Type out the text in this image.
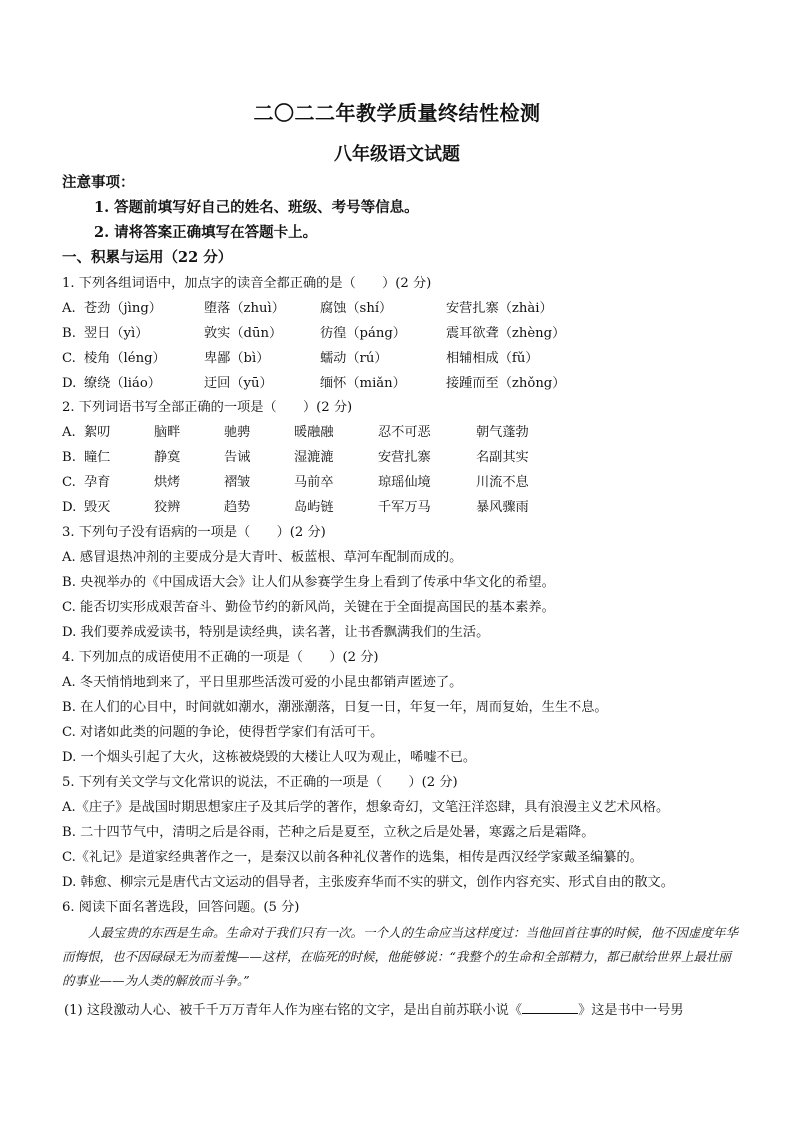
二〇二二年教学质量终结性检测
八年级语文试题
注意事项：
1. 答题前填写好自己的姓名、班级、考号等信息。
2. 请将答案正确填写在答题卡上。
一、积累与运用（22 分）
1. 下列各组词语中，加点字的读音全都正确的是（　　）(2 分)
A. 苍劲（jìng）	堕落（zhuì）	腐蚀（shí）	安营扎寨（zhài）
B. 翌日（yì）	敦实（dūn）	彷徨（páng）	震耳欲聋（zhèng）
C. 棱角（léng）	卑鄙（bì）	蠕动（rú）	相辅相成（fǔ）
D. 缭绕（liáo）	迂回（yū）	缅怀（miǎn）	接踵而至（zhǒng）
2. 下列词语书写全部正确的一项是（　　）(2 分)
A. 絮叨	脑畔	驰骋	暖融融	忍不可恶	朝气蓬勃
B. 瞳仁	静寞	告诫	湿漉漉	安营扎寨	名副其实
C. 孕育	烘烤	褶皱	马前卒	琼瑶仙境	川流不息
D. 毁灭	狡辨	趋势	岛屿链	千军万马	暴风骤雨
3. 下列句子没有语病的一项是（　　）(2 分)
A. 感冒退热冲剂的主要成分是大青叶、板蓝根、草河车配制而成的。
B. 央视举办的《中国成语大会》让人们从参赛学生身上看到了传承中华文化的希望。
C. 能否切实形成艰苦奋斗、勤俭节约的新风尚，关键在于全面提高国民的基本素养。
D. 我们要养成爱读书，特别是读经典，读名著，让书香飘满我们的生活。
4. 下列加点的成语使用不正确的一项是（　　）(2 分)
A. 冬天悄悄地到来了，平日里那些活泼可爱的小昆虫都销声匿迹了。
B. 在人们的心目中，时间就如潮水，潮涨潮落，日复一日，年复一年，周而复始，生生不息。
C. 对诸如此类的问题的争论，使得哲学家们有活可干。
D. 一个烟头引起了大火，这栋被烧毁的大楼让人叹为观止，唏嘘不已。
5. 下列有关文学与文化常识的说法，不正确的一项是（　　）(2 分)
A.《庄子》是战国时期思想家庄子及其后学的著作，想象奇幻，文笔汪洋恣肆，具有浪漫主义艺术风格。
B. 二十四节气中，清明之后是谷雨，芒种之后是夏至，立秋之后是处暑，寒露之后是霜降。
C.《礼记》是道家经典著作之一，是秦汉以前各种礼仪著作的选集，相传是西汉经学家戴圣编纂的。
D. 韩愈、柳宗元是唐代古文运动的倡导者，主张废弃华而不实的骈文，创作内容充实、形式自由的散文。
6. 阅读下面名著选段，回答问题。(5 分)
人最宝贵的东西是生命。生命对于我们只有一次。一个人的生命应当这样度过：当他回首往事的时候，他不因虚度年华而悔恨，也不因碌碌无为而羞愧——这样，在临死的时候，他能够说：“我整个的生命和全部精力，都已献给世界上最壮丽的事业——为人类的解放而斗争。”
(1) 这段激动人心、被千千万万青年人作为座右铭的文字，是出自前苏联小说《	》这是书中一号男
